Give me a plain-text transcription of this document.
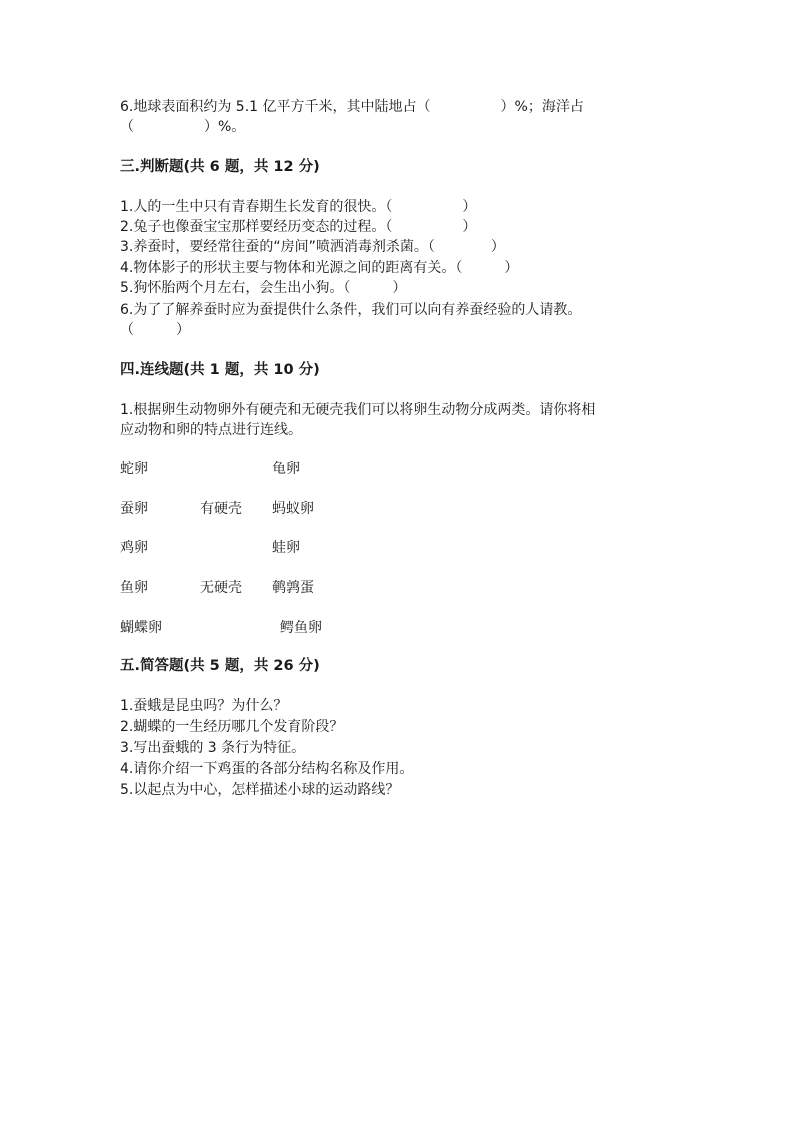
6.地球表面积约为 5.1 亿平方千米，其中陆地占（　　　　　）%；海洋占
（　　　　　）%。
三.判断题(共 6 题，共 12 分)
1.人的一生中只有青春期生长发育的很快。（　　　　　）
2.兔子也像蚕宝宝那样要经历变态的过程。（　　　　　）
3.养蚕时，要经常往蚕的“房间”喷洒消毒剂杀菌。（　　　　）
4.物体影子的形状主要与物体和光源之间的距离有关。（　　　）
5.狗怀胎两个月左右，会生出小狗。（　　　）
6.为了了解养蚕时应为蚕提供什么条件，我们可以向有养蚕经验的人请教。
（　　　）
四.连线题(共 1 题，共 10 分)
1.根据卵生动物卵外有硬壳和无硬壳我们可以将卵生动物分成两类。请你将相
应动物和卵的特点进行连线。
蛇卵	龟卵
蚕卵	有硬壳 蚂蚁卵
鸡卵	蛙卵
鱼卵	无硬壳 鹌鹑蛋
蝴蝶卵	鳄鱼卵
五.简答题(共 5 题，共 26 分)
1.蚕蛾是昆虫吗？为什么？
2.蝴蝶的一生经历哪几个发育阶段？
3.写出蚕蛾的 3 条行为特征。
4.请你介绍一下鸡蛋的各部分结构名称及作用。
5.以起点为中心，怎样描述小球的运动路线？
